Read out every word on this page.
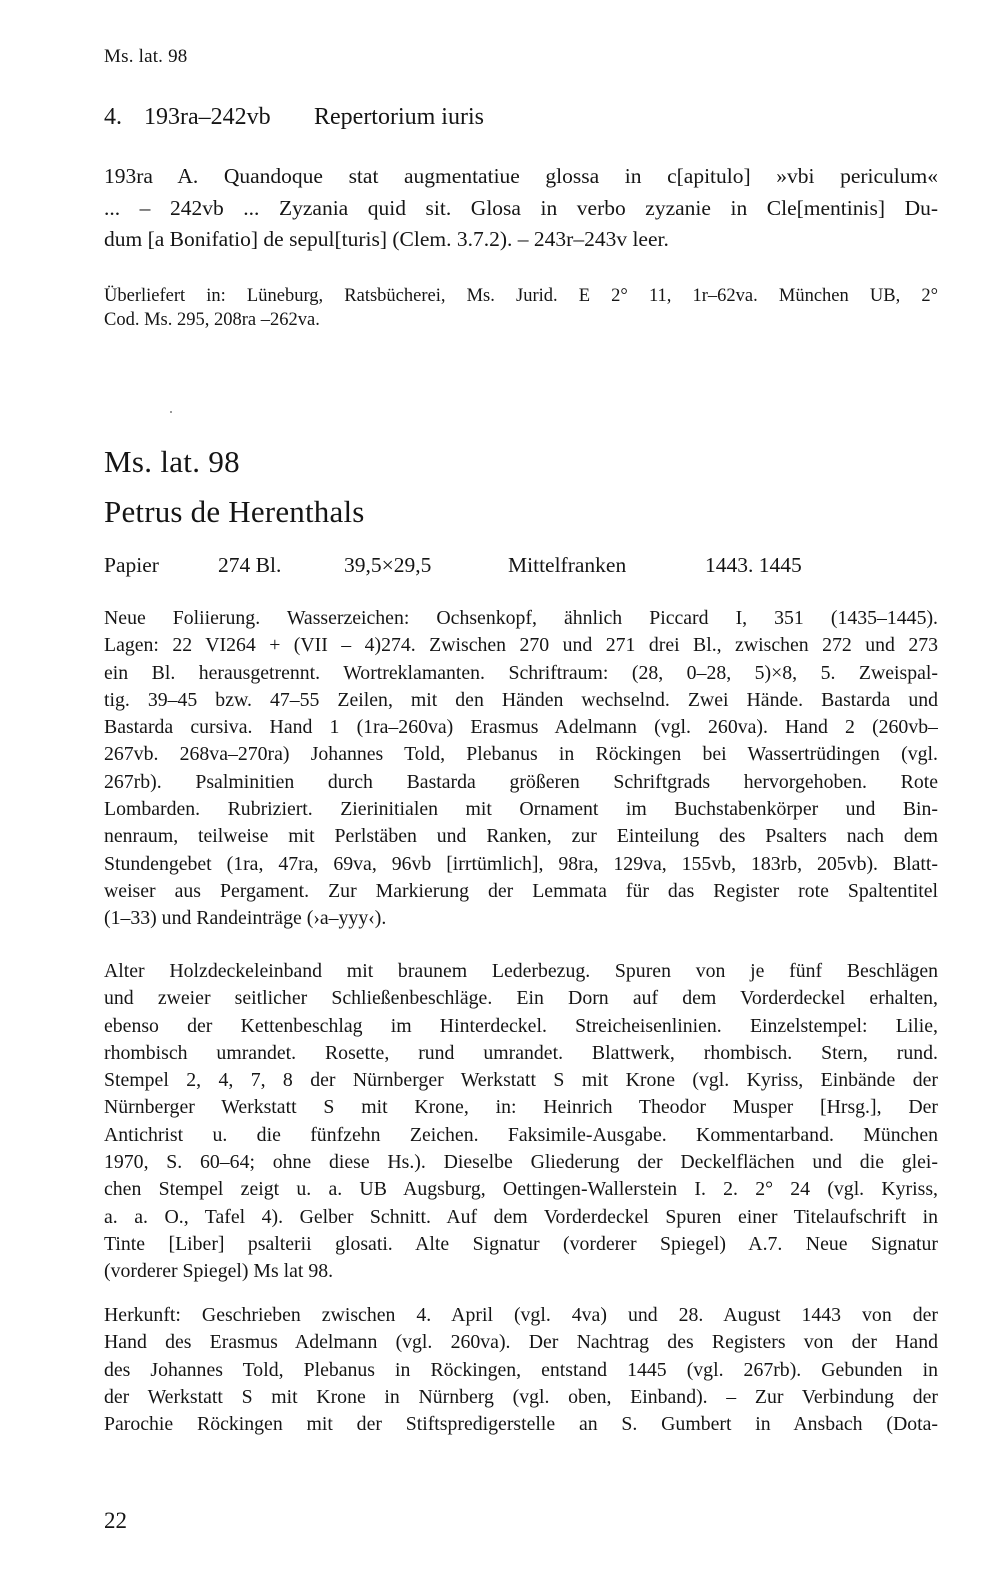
Ms. lat. 98
4. 193ra–242vb Repertorium iuris
193ra A. Quandoque stat augmentatiue glossa in c[apitulo] »vbi periculum«
... – 242vb ... Zyzania quid sit. Glosa in verbo zyzanie in Cle[mentinis] Du-
dum [a Bonifatio] de sepul[turis] (Clem. 3.7.2). – 243r–243v leer.
Überliefert in: Lüneburg, Ratsbücherei, Ms. Jurid. E 2° 11, 1r–62va. München UB, 2°
Cod. Ms. 295, 208ra –262va.
Ms. lat. 98
Petrus de Herenthals
Papier	274 Bl.	39,5×29,5	Mittelfranken	1443. 1445
Neue Foliierung. Wasserzeichen: Ochsenkopf, ähnlich Piccard I, 351 (1435–1445).
Lagen: 22 VI264 + (VII – 4)274. Zwischen 270 und 271 drei Bl., zwischen 272 und 273
ein Bl. herausgetrennt. Wortreklamanten. Schriftraum: (28, 0–28, 5)×8, 5. Zweispal-
tig. 39–45 bzw. 47–55 Zeilen, mit den Händen wechselnd. Zwei Hände. Bastarda und
Bastarda cursiva. Hand 1 (1ra–260va) Erasmus Adelmann (vgl. 260va). Hand 2 (260vb–
267vb. 268va–270ra) Johannes Told, Plebanus in Röckingen bei Wassertrüdingen (vgl.
267rb). Psalminitien durch Bastarda größeren Schriftgrads hervorgehoben. Rote
Lombarden. Rubriziert. Zierinitialen mit Ornament im Buchstabenkörper und Bin-
nenraum, teilweise mit Perlstäben und Ranken, zur Einteilung des Psalters nach dem
Stundengebet (1ra, 47ra, 69va, 96vb [irrtümlich], 98ra, 129va, 155vb, 183rb, 205vb). Blatt-
weiser aus Pergament. Zur Markierung der Lemmata für das Register rote Spaltentitel
(1–33) und Randeinträge (›a–yyy‹).
Alter Holzdeckeleinband mit braunem Lederbezug. Spuren von je fünf Beschlägen
und zweier seitlicher Schließenbeschläge. Ein Dorn auf dem Vorderdeckel erhalten,
ebenso der Kettenbeschlag im Hinterdeckel. Streicheisenlinien. Einzelstempel: Lilie,
rhombisch umrandet. Rosette, rund umrandet. Blattwerk, rhombisch. Stern, rund.
Stempel 2, 4, 7, 8 der Nürnberger Werkstatt S mit Krone (vgl. Kyriss, Einbände der
Nürnberger Werkstatt S mit Krone, in: Heinrich Theodor Musper [Hrsg.], Der
Antichrist u. die fünfzehn Zeichen. Faksimile-Ausgabe. Kommentarband. München
1970, S. 60–64; ohne diese Hs.). Dieselbe Gliederung der Deckelflächen und die glei-
chen Stempel zeigt u. a. UB Augsburg, Oettingen-Wallerstein I. 2. 2° 24 (vgl. Kyriss,
a. a. O., Tafel 4). Gelber Schnitt. Auf dem Vorderdeckel Spuren einer Titelaufschrift in
Tinte [Liber] psalterii glosati. Alte Signatur (vorderer Spiegel) A.7. Neue Signatur
(vorderer Spiegel) Ms lat 98.
Herkunft: Geschrieben zwischen 4. April (vgl. 4va) und 28. August 1443 von der
Hand des Erasmus Adelmann (vgl. 260va). Der Nachtrag des Registers von der Hand
des Johannes Told, Plebanus in Röckingen, entstand 1445 (vgl. 267rb). Gebunden in
der Werkstatt S mit Krone in Nürnberg (vgl. oben, Einband). – Zur Verbindung der
Parochie Röckingen mit der Stiftspredigerstelle an S. Gumbert in Ansbach (Dota-
22
